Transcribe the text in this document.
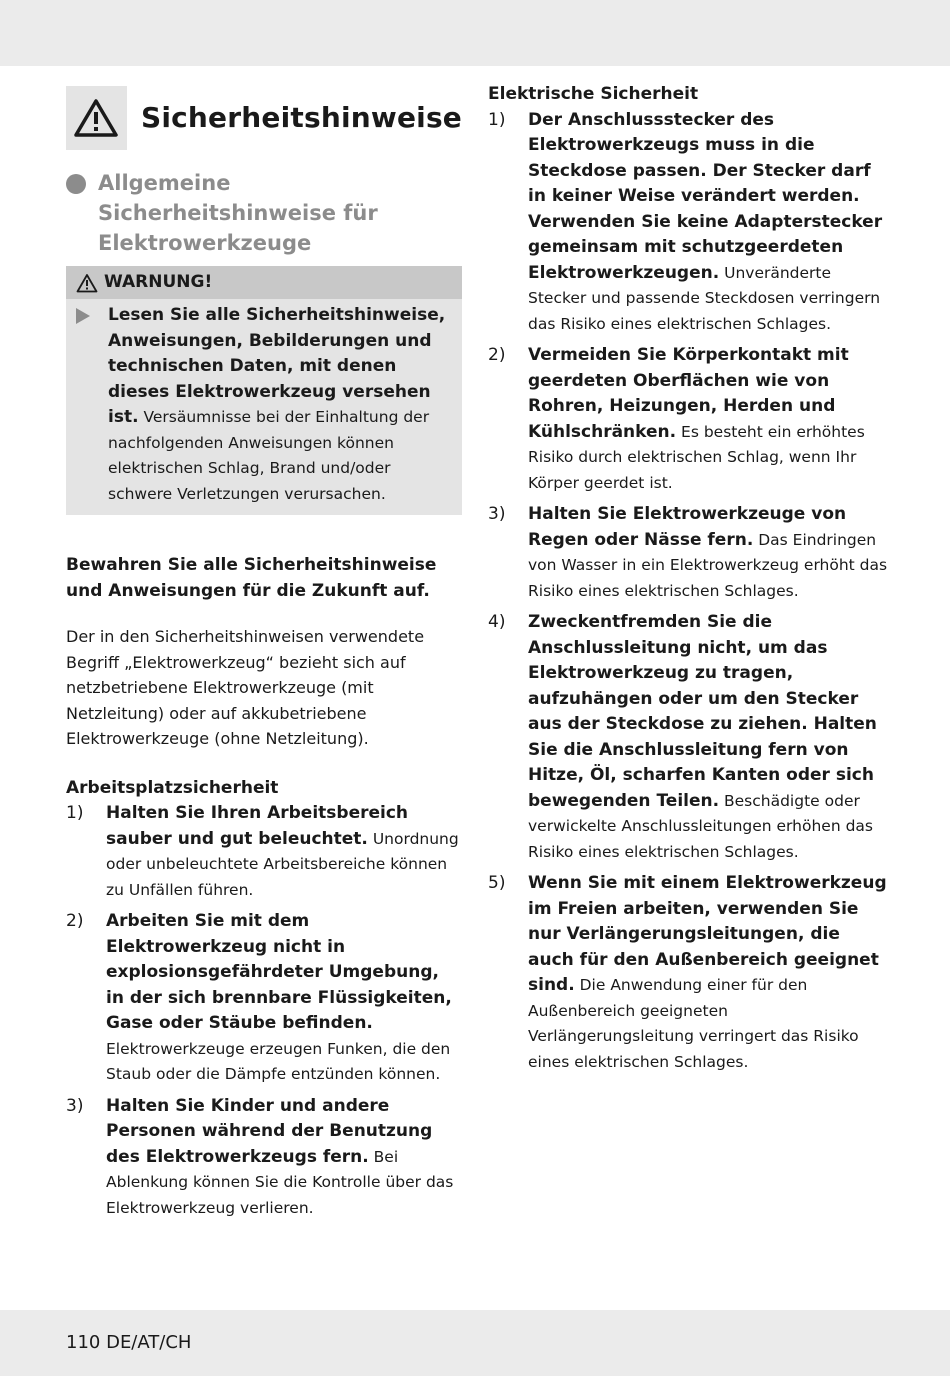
Sicherheitshinweise
Allgemeine Sicherheitshinweise für Elektrowerkzeuge
WARNUNG!
Lesen Sie alle Sicherheitshinweise, Anweisungen, Bebilderungen und technischen Daten, mit denen dieses Elektrowerkzeug versehen ist. Versäumnisse bei der Einhaltung der nachfolgenden Anweisungen können elektrischen Schlag, Brand und/oder schwere Verletzungen verursachen.
Bewahren Sie alle Sicherheitshinweise und Anweisungen für die Zukunft auf.
Der in den Sicherheitshinweisen verwendete Begriff „Elektrowerkzeug“ bezieht sich auf netzbetriebene Elektrowerkzeuge (mit Netzleitung) oder auf akkubetriebene Elektrowerkzeuge (ohne Netzleitung).
Arbeitsplatzsicherheit
1)	Halten Sie Ihren Arbeitsbereich sauber und gut beleuchtet. Unordnung oder unbeleuchtete Arbeitsbereiche können zu Unfällen führen.
2)	Arbeiten Sie mit dem Elektrowerkzeug nicht in explosionsgefährdeter Umgebung, in der sich brennbare Flüssigkeiten, Gase oder Stäube befinden. Elektrowerkzeuge erzeugen Funken, die den Staub oder die Dämpfe entzünden können.
3)	Halten Sie Kinder und andere Personen während der Benutzung des Elektrowerkzeugs fern. Bei Ablenkung können Sie die Kontrolle über das Elektrowerkzeug verlieren.
Elektrische Sicherheit
1)	Der Anschlussstecker des Elektrowerkzeugs muss in die Steckdose passen. Der Stecker darf in keiner Weise verändert werden. Verwenden Sie keine Adapterstecker gemeinsam mit schutzgeerdeten Elektrowerkzeugen. Unveränderte Stecker und passende Steckdosen verringern das Risiko eines elektrischen Schlages.
2)	Vermeiden Sie Körperkontakt mit geerdeten Oberflächen wie von Rohren, Heizungen, Herden und Kühlschränken. Es besteht ein erhöhtes Risiko durch elektrischen Schlag, wenn Ihr Körper geerdet ist.
3)	Halten Sie Elektrowerkzeuge von Regen oder Nässe fern. Das Eindringen von Wasser in ein Elektrowerkzeug erhöht das Risiko eines elektrischen Schlages.
4)	Zweckentfremden Sie die Anschlussleitung nicht, um das Elektrowerkzeug zu tragen, aufzuhängen oder um den Stecker aus der Steckdose zu ziehen. Halten Sie die Anschlussleitung fern von Hitze, Öl, scharfen Kanten oder sich bewegenden Teilen. Beschädigte oder verwickelte Anschlussleitungen erhöhen das Risiko eines elektrischen Schlages.
5)	Wenn Sie mit einem Elektrowerkzeug im Freien arbeiten, verwenden Sie nur Verlängerungsleitungen, die auch für den Außenbereich geeignet sind. Die Anwendung einer für den Außenbereich geeigneten Verlängerungsleitung verringert das Risiko eines elektrischen Schlages.
110 DE/AT/CH
